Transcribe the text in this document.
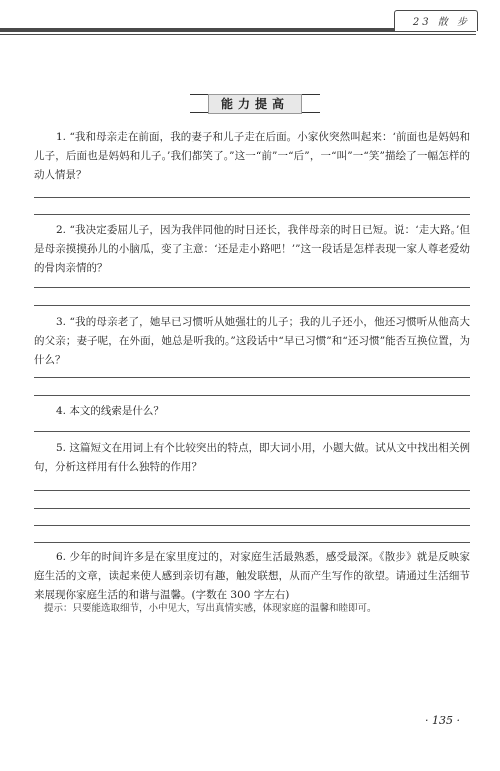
23 散 步
能力提高

1. “我和母亲走在前面，我的妻子和儿子走在后面。小家伙突然叫起来：‘前面也是妈妈和儿子，后面也是妈妈和儿子。’我们都笑了。”这一“前”一“后”，一“叫”一“笑”描绘了一幅怎样的动人情景？

2. “我决定委屈儿子，因为我伴同他的时日还长，我伴母亲的时日已短。说：‘走大路。’但是母亲摸摸孙儿的小脑瓜，变了主意：‘还是走小路吧！’”这一段话是怎样表现一家人尊老爱幼的骨肉亲情的？

3. “我的母亲老了，她早已习惯听从她强壮的儿子；我的儿子还小，他还习惯听从他高大的父亲；妻子呢，在外面，她总是听我的。”这段话中“早已习惯”和“还习惯”能否互换位置，为什么？

4. 本文的线索是什么？

5. 这篇短文在用词上有个比较突出的特点，即大词小用，小题大做。试从文中找出相关例句，分析这样用有什么独特的作用？

6. 少年的时间许多是在家里度过的，对家庭生活最熟悉，感受最深。《散步》就是反映家庭生活的文章，读起来使人感到亲切有趣，触发联想，从而产生写作的欲望。请通过生活细节来展现你家庭生活的和谐与温馨。(字数在 300 字左右)

提示：只要能选取细节，小中见大，写出真情实感，体现家庭的温馨和睦即可。
· 135 ·
